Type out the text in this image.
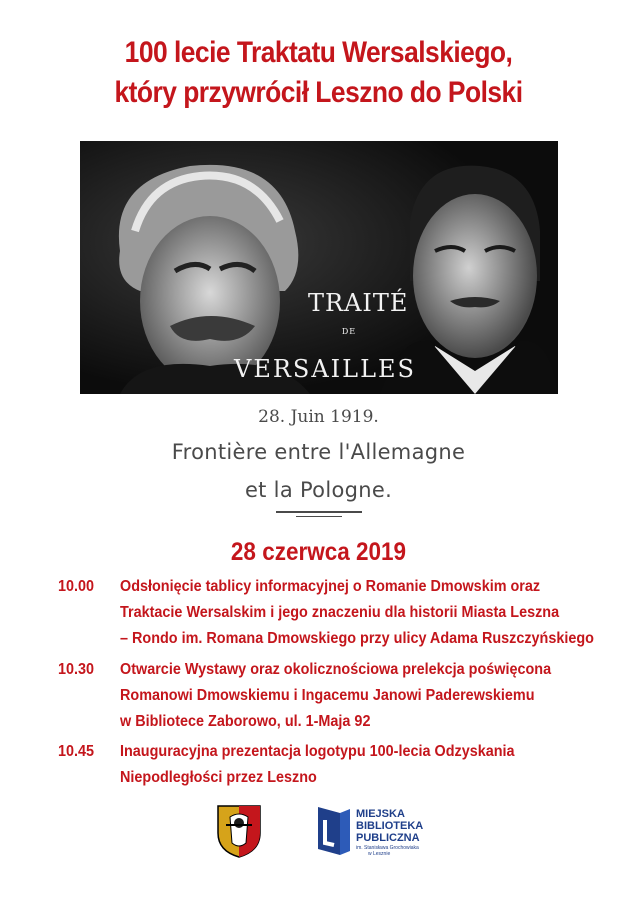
100 lecie Traktatu Wersalskiego,
który przywrócił Leszno do Polski
TRAITÉ
DE
VERSAILLES
28. Juin 1919.
Frontière entre l'Allemagne
et la Pologne.
28 czerwca 2019
10.00 Odsłonięcie tablicy informacyjnej o Romanie Dmowskim oraz
Traktacie Wersalskim i jego znaczeniu dla historii Miasta Leszna
– Rondo im. Romana Dmowskiego przy ulicy Adama Ruszczyńskiego
10.30 Otwarcie Wystawy oraz okolicznościowa prelekcja poświęcona
Romanowi Dmowskiemu i Ingacemu Janowi Paderewskiemu
w Bibliotece Zaborowo, ul. 1-Maja 92
10.45 Inauguracyjna prezentacja logotypu 100-lecia Odzyskania
Niepodległości przez Leszno
MIEJSKA
BIBLIOTEKA
PUBLICZNA
im. Stanisława Grochowiaka
w Lesznie
